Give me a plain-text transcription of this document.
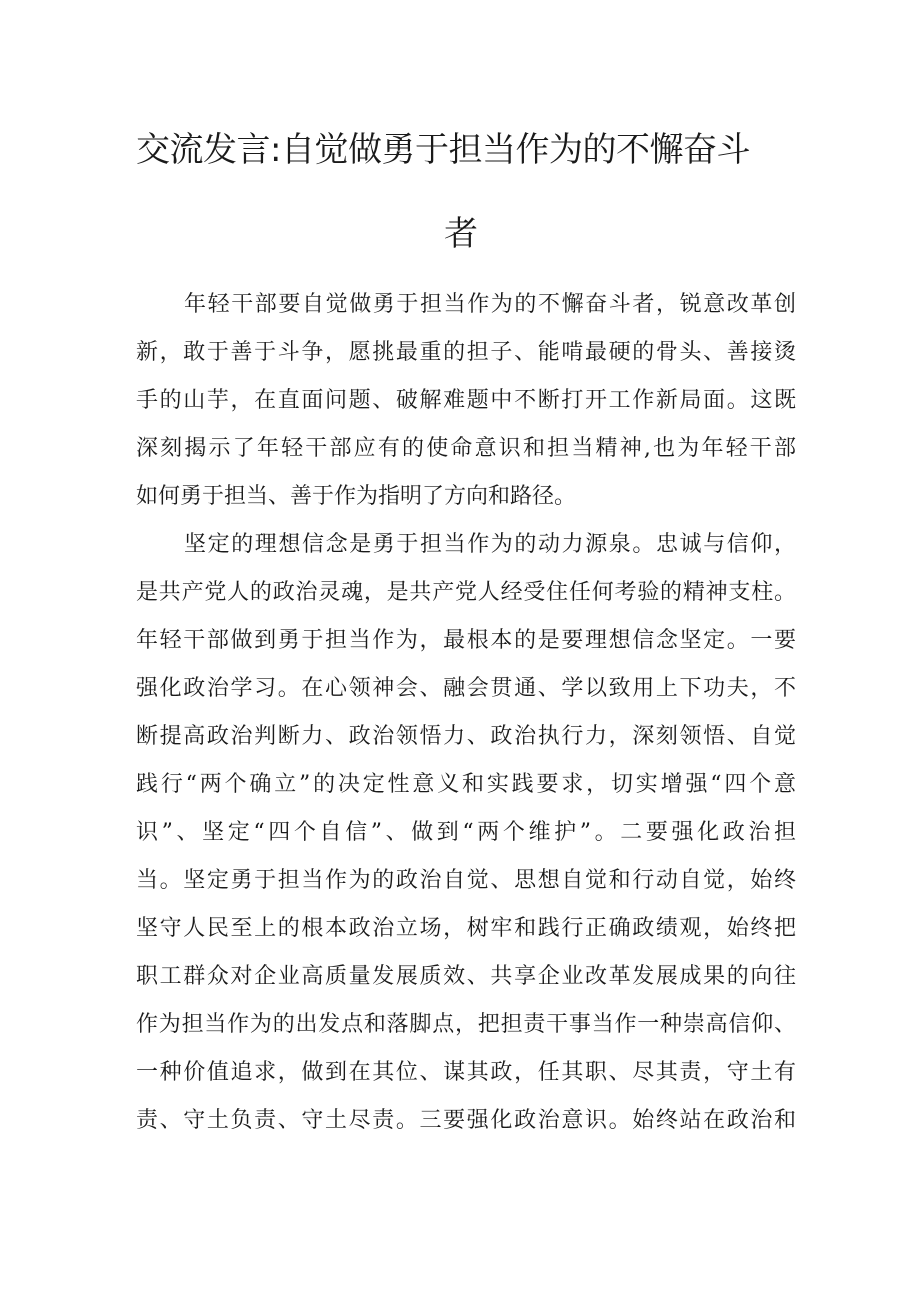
交流发言:自觉做勇于担当作为的不懈奋斗
者

年轻干部要自觉做勇于担当作为的不懈奋斗者，锐意改革创

新，敢于善于斗争，愿挑最重的担子、能啃最硬的骨头、善接烫

手的山芋，在直面问题、破解难题中不断打开工作新局面。这既

深刻揭示了年轻干部应有的使命意识和担当精神,也为年轻干部

如何勇于担当、善于作为指明了方向和路径。

坚定的理想信念是勇于担当作为的动力源泉。忠诚与信仰，

是共产党人的政治灵魂，是共产党人经受住任何考验的精神支柱。

年轻干部做到勇于担当作为，最根本的是要理想信念坚定。一要

强化政治学习。在心领神会、融会贯通、学以致用上下功夫，不

断提高政治判断力、政治领悟力、政治执行力，深刻领悟、自觉

践行“两个确立”的决定性意义和实践要求，切实增强“四个意

识”、坚定“四个自信”、做到“两个维护”。二要强化政治担

当。坚定勇于担当作为的政治自觉、思想自觉和行动自觉，始终

坚守人民至上的根本政治立场，树牢和践行正确政绩观，始终把

职工群众对企业高质量发展质效、共享企业改革发展成果的向往

作为担当作为的出发点和落脚点，把担责干事当作一种崇高信仰、

一种价值追求，做到在其位、谋其政，任其职、尽其责，守土有

责、守土负责、守土尽责。三要强化政治意识。始终站在政治和
